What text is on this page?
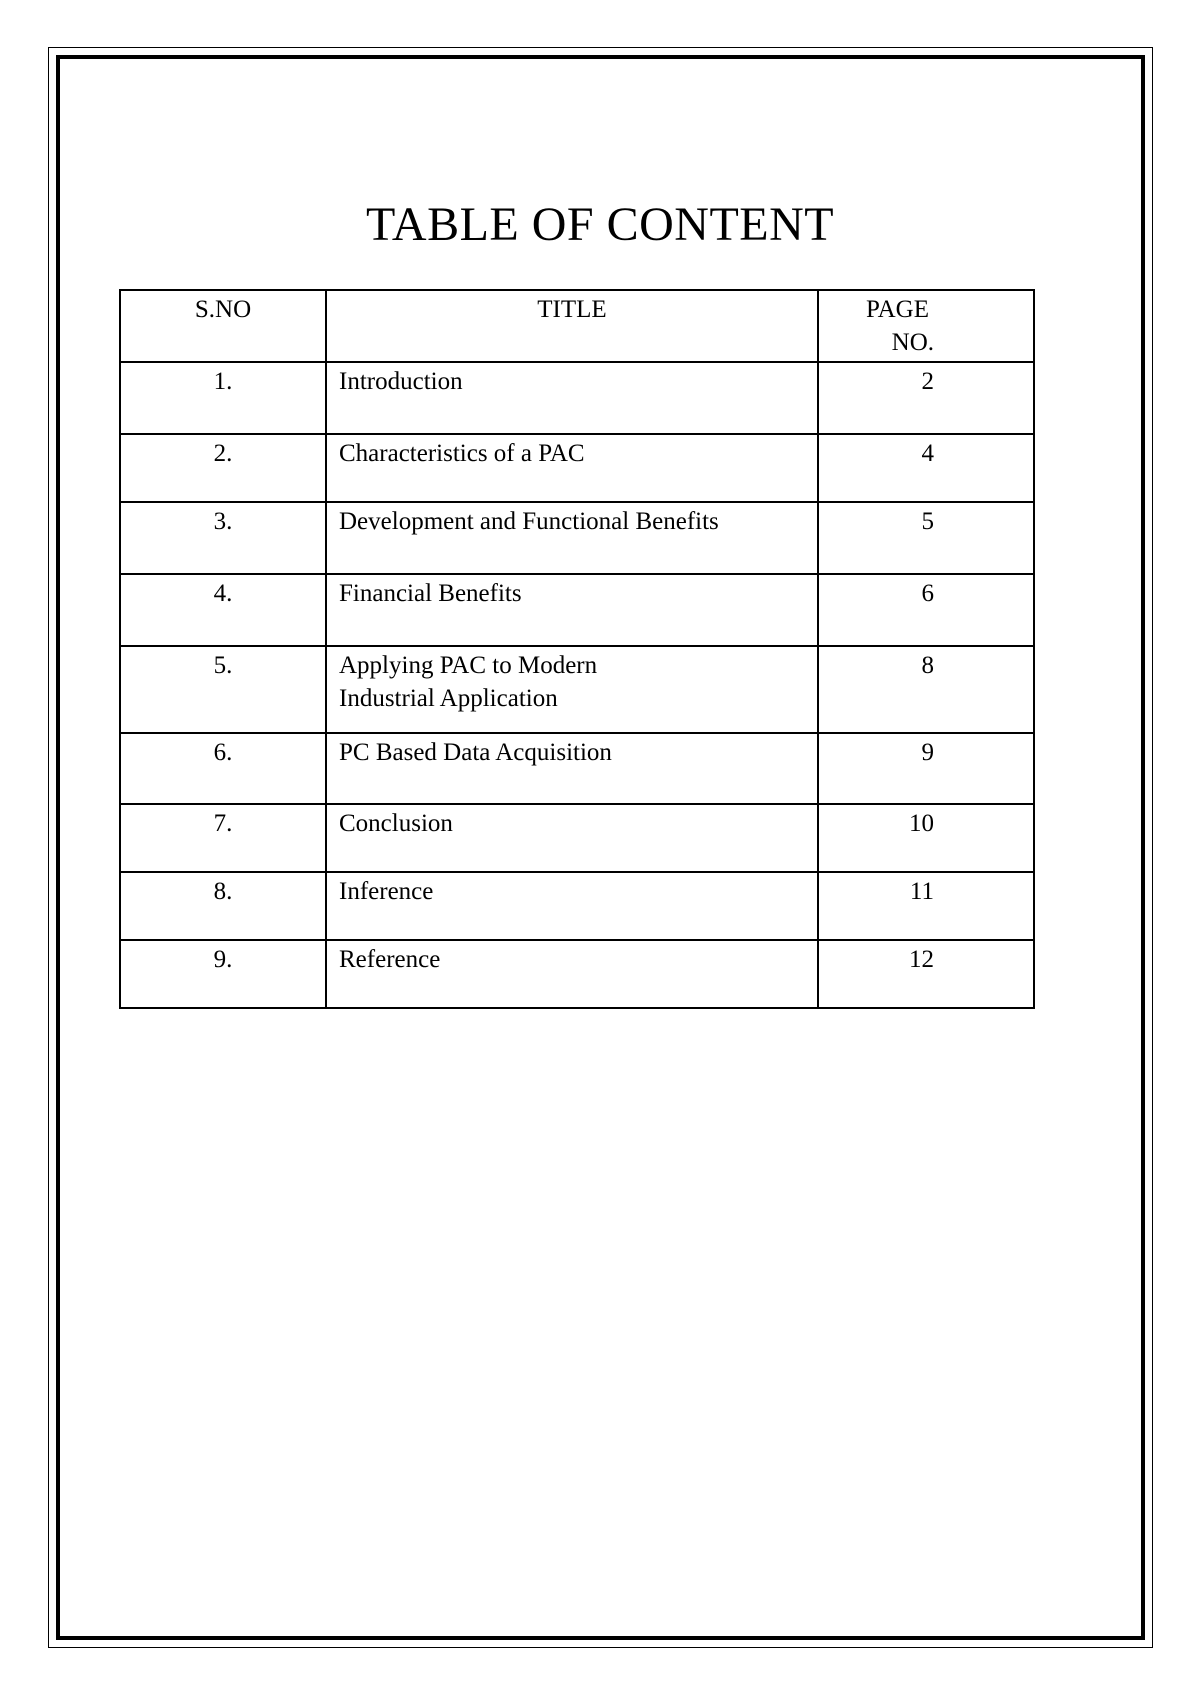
TABLE OF CONTENT
S.NO	TITLE	PAGE
NO.

1.	Introduction	2
2.	Characteristics of a PAC	4
3.	Development and Functional Benefits	5
4.	Financial Benefits	6
5.	Applying PAC to Modern
Industrial Application	8
6.	PC Based Data Acquisition	9
7.	Conclusion	10
8.	Inference	11
9.	Reference	12
